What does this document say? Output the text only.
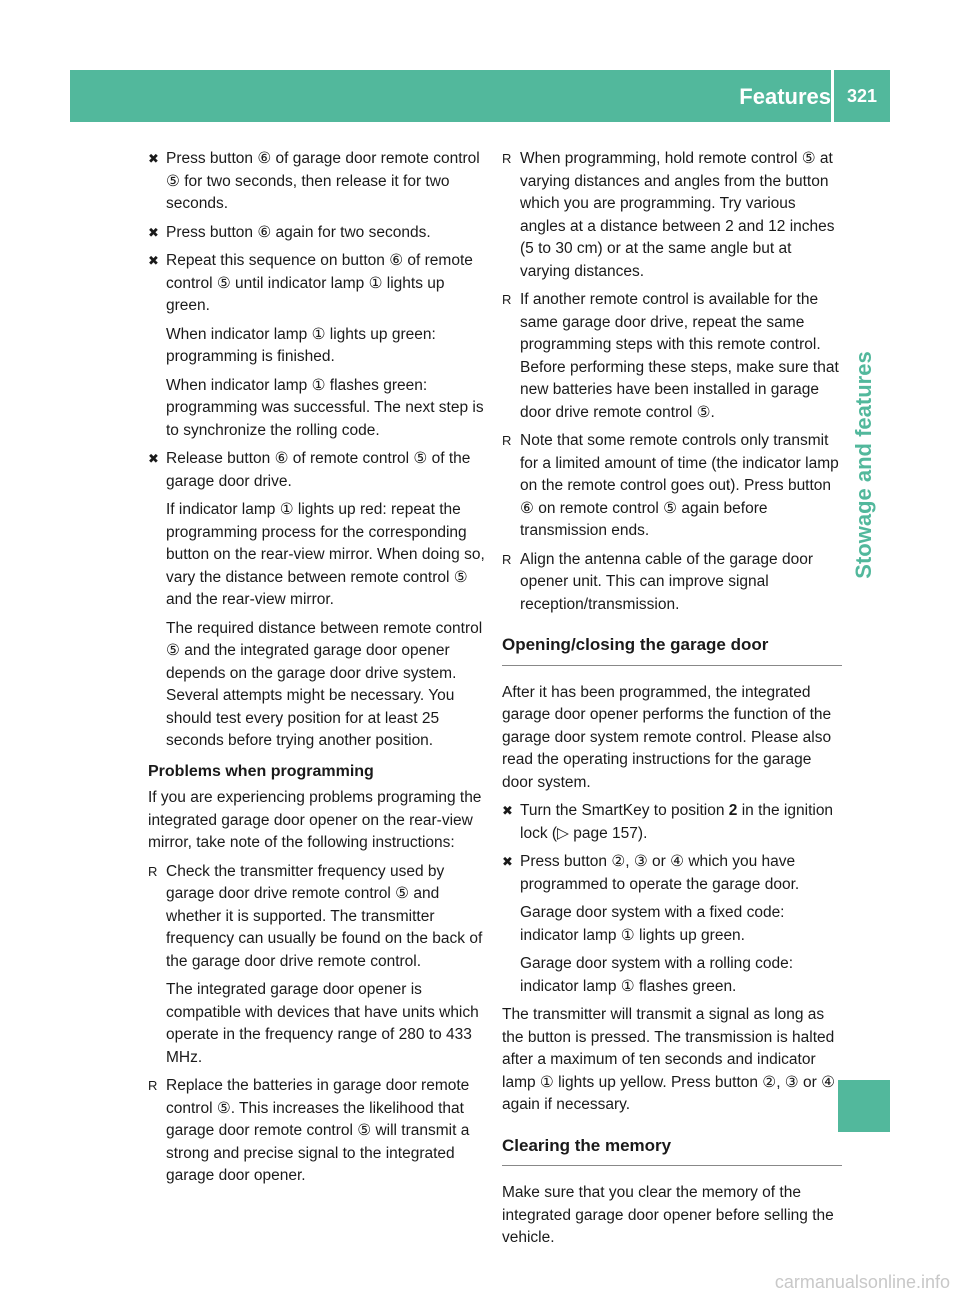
Features 321
Stowage and features
✖ Press button ⑥ of garage door remote control ⑤ for two seconds, then release it for two seconds.
✖ Press button ⑥ again for two seconds.
✖ Repeat this sequence on button ⑥ of remote control ⑤ until indicator lamp ① lights up green.
When indicator lamp ① lights up green: programming is finished.
When indicator lamp ① flashes green: programming was successful. The next step is to synchronize the rolling code.
✖ Release button ⑥ of remote control ⑤ of the garage door drive.
If indicator lamp ① lights up red: repeat the programming process for the corresponding button on the rear-view mirror. When doing so, vary the distance between remote control ⑤ and the rear-view mirror.
The required distance between remote control ⑤ and the integrated garage door opener depends on the garage door drive system. Several attempts might be necessary. You should test every position for at least 25 seconds before trying another position.
Problems when programming
If you are experiencing problems programing the integrated garage door opener on the rear-view mirror, take note of the following instructions:
R Check the transmitter frequency used by garage door drive remote control ⑤ and whether it is supported. The transmitter frequency can usually be found on the back of the garage door drive remote control.
The integrated garage door opener is compatible with devices that have units which operate in the frequency range of 280 to 433 MHz.
R Replace the batteries in garage door remote control ⑤. This increases the likelihood that garage door remote control ⑤ will transmit a strong and precise signal to the integrated garage door opener.
R When programming, hold remote control ⑤ at varying distances and angles from the button which you are programming. Try various angles at a distance between 2 and 12 inches (5 to 30 cm) or at the same angle but at varying distances.
R If another remote control is available for the same garage door drive, repeat the same programming steps with this remote control. Before performing these steps, make sure that new batteries have been installed in garage door drive remote control ⑤.
R Note that some remote controls only transmit for a limited amount of time (the indicator lamp on the remote control goes out). Press button ⑥ on remote control ⑤ again before transmission ends.
R Align the antenna cable of the garage door opener unit. This can improve signal reception/transmission.
Opening/closing the garage door
After it has been programmed, the integrated garage door opener performs the function of the garage door system remote control. Please also read the operating instructions for the garage door system.
✖ Turn the SmartKey to position 2 in the ignition lock (▷ page 157).
✖ Press button ②, ③ or ④ which you have programmed to operate the garage door.
Garage door system with a fixed code: indicator lamp ① lights up green.
Garage door system with a rolling code: indicator lamp ① flashes green.
The transmitter will transmit a signal as long as the button is pressed. The transmission is halted after a maximum of ten seconds and indicator lamp ① lights up yellow. Press button ②, ③ or ④ again if necessary.
Clearing the memory
Make sure that you clear the memory of the integrated garage door opener before selling the vehicle.
carmanualsonline.info
